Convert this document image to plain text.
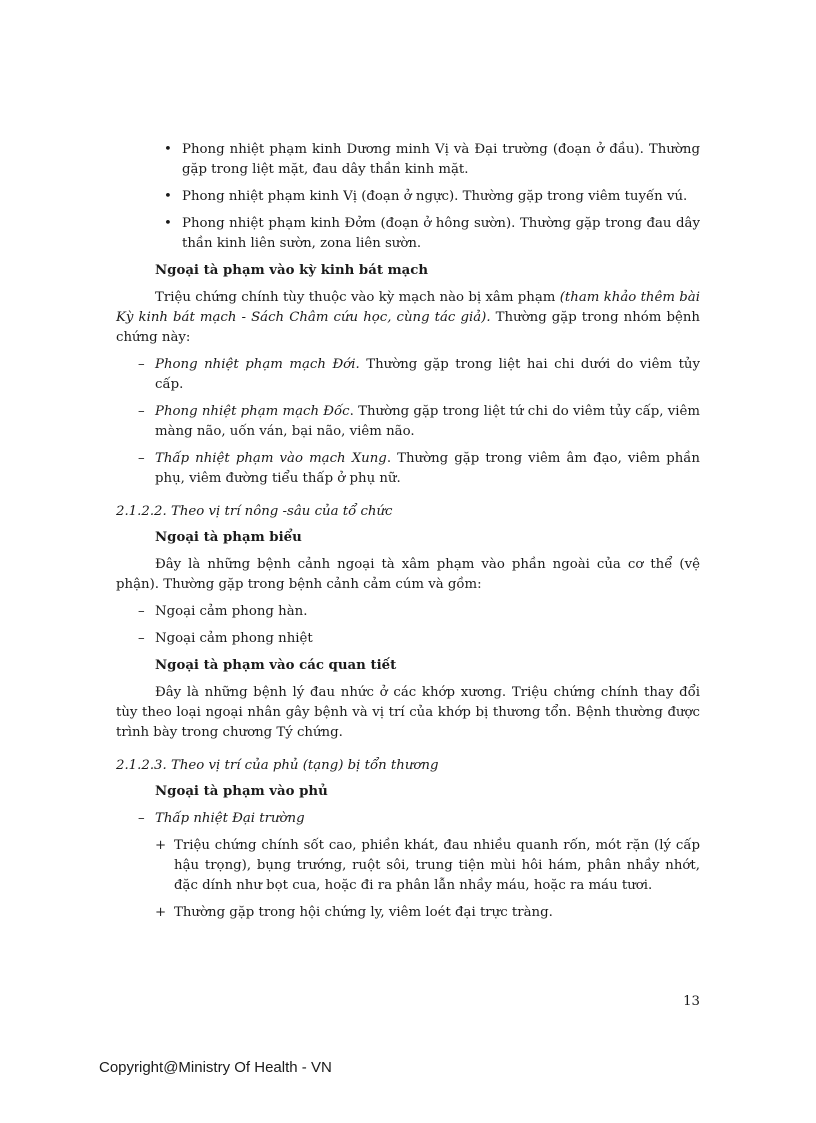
• Phong nhiệt phạm kinh Dương minh Vị và Đại trường (đoạn ở đầu). Thường gặp trong liệt mặt, đau dây thần kinh mặt.

• Phong nhiệt phạm kinh Vị (đoạn ở ngực). Thường gặp trong viêm tuyến vú.

• Phong nhiệt phạm kinh Đởm (đoạn ở hông sườn). Thường gặp trong đau dây thần kinh liên sườn, zona liên sườn.

Ngoại tà phạm vào kỳ kinh bát mạch

Triệu chứng chính tùy thuộc vào kỳ mạch nào bị xâm phạm (tham khảo thêm bài Kỳ kinh bát mạch - Sách Châm cứu học, cùng tác giả). Thường gặp trong nhóm bệnh chứng này:

– Phong nhiệt phạm mạch Đới. Thường gặp trong liệt hai chi dưới do viêm tủy cấp.

– Phong nhiệt phạm mạch Đốc. Thường gặp trong liệt tứ chi do viêm tủy cấp, viêm màng não, uốn ván, bại não, viêm não.

– Thấp nhiệt phạm vào mạch Xung. Thường gặp trong viêm âm đạo, viêm phần phụ, viêm đường tiểu thấp ở phụ nữ.

2.1.2.2. Theo vị trí nông -sâu của tổ chức

Ngoại tà phạm biểu

Đây là những bệnh cảnh ngoại tà xâm phạm vào phần ngoài của cơ thể (vệ phận). Thường gặp trong bệnh cảnh cảm cúm và gồm:

– Ngoại cảm phong hàn.

– Ngoại cảm phong nhiệt

Ngoại tà phạm vào các quan tiết

Đây là những bệnh lý đau nhức ở các khớp xương. Triệu chứng chính thay đổi tùy theo loại ngoại nhân gây bệnh và vị trí của khớp bị thương tổn. Bệnh thường được trình bày trong chương Tý chứng.

2.1.2.3. Theo vị trí của phủ (tạng) bị tổn thương

Ngoại tà phạm vào phủ

– Thấp nhiệt Đại trường

+ Triệu chứng chính sốt cao, phiền khát, đau nhiều quanh rốn, mót rặn (lý cấp hậu trọng), bụng trướng, ruột sôi, trung tiện mùi hôi hám, phân nhầy nhớt, đặc dính như bọt cua, hoặc đi ra phân lẫn nhầy máu, hoặc ra máu tươi.

+ Thường gặp trong hội chứng ly, viêm loét đại trực tràng.

13
Copyright@Ministry Of Health - VN
